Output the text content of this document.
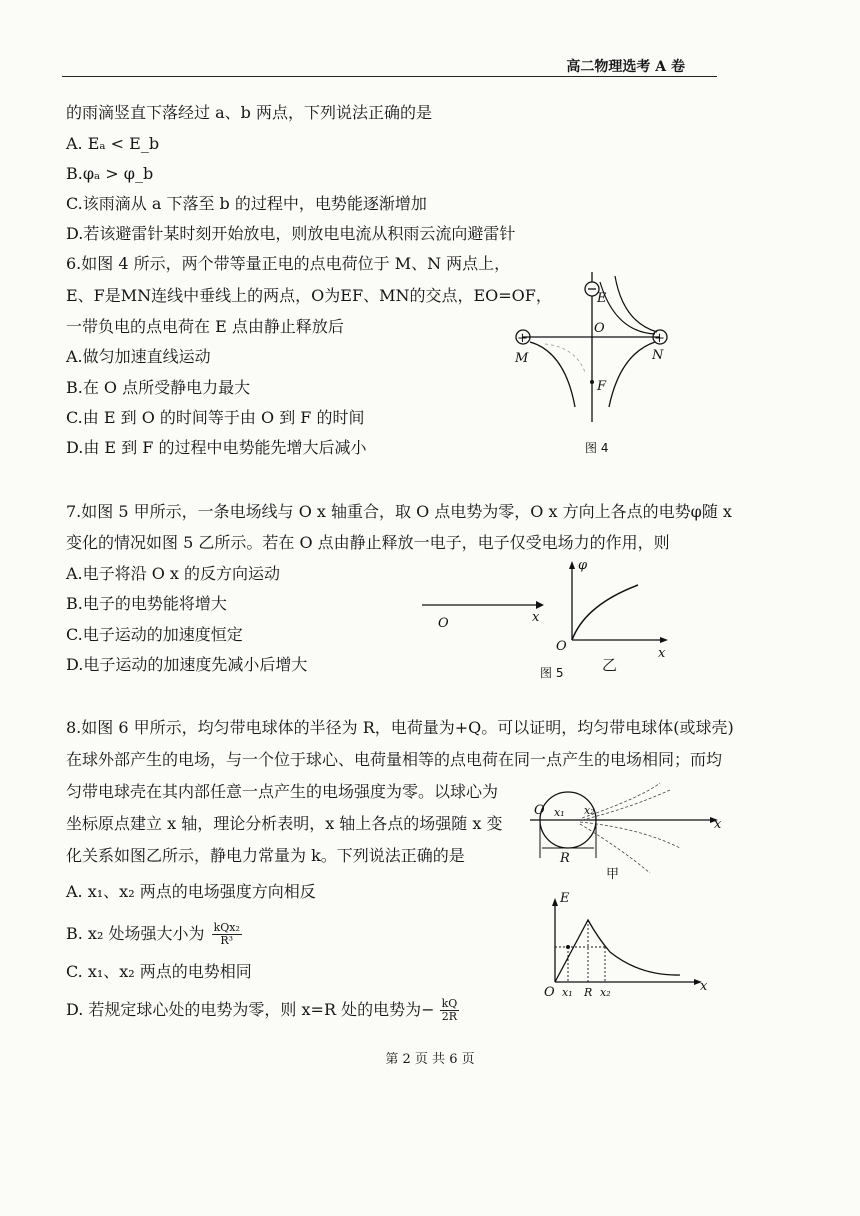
高二物理选考 A 卷
的雨滴竖直下落经过 a、b 两点，下列说法正确的是
A. Eₐ < E_b
B.φₐ > φ_b
C.该雨滴从 a 下落至 b 的过程中，电势能逐渐增加
D.若该避雷针某时刻开始放电，则放电电流从积雨云流向避雷针
6.如图 4 所示，两个带等量正电的点电荷位于 M、N 两点上，
E、F是MN连线中垂线上的两点，O为EF、MN的交点，EO=OF，
一带负电的点电荷在 E 点由静止释放后
A.做匀加速直线运动
B.在 O 点所受静电力最大
C.由 E 到 O 的时间等于由 O 到 F 的时间
D.由 E 到 F 的过程中电势能先增大后减小
7.如图 5 甲所示，一条电场线与 O x 轴重合，取 O 点电势为零，O x 方向上各点的电势φ随 x
变化的情况如图 5 乙所示。若在 O 点由静止释放一电子，电子仅受电场力的作用，则
A.电子将沿 O x 的反方向运动
B.电子的电势能将增大
C.电子运动的加速度恒定
D.电子运动的加速度先减小后增大
8.如图 6 甲所示，均匀带电球体的半径为 R，电荷量为+Q。可以证明，均匀带电球体(或球壳)
在球外部产生的电场，与一个位于球心、电荷量相等的点电荷在同一点产生的电场相同；而均
匀带电球壳在其内部任意一点产生的电场强度为零。以球心为
坐标原点建立 x 轴，理论分析表明，x 轴上各点的场强随 x 变
化关系如图乙所示，静电力常量为 k。下列说法正确的是
A. x₁、x₂ 两点的电场强度方向相反
B. x₂ 处场强大小为 kQx₂
R³
C. x₁、x₂ 两点的电势相同
D. 若规定球心处的电势为零，则 x=R 处的电势为− $\frac{kQ}{2R}$
+	+
M	N
O
E
F
图 4
O	x
φ
O	x
乙
图 5
O x₁ x₂
x
R
甲
E
O x₁ R x₂	x
第 2 页 共 6 页
